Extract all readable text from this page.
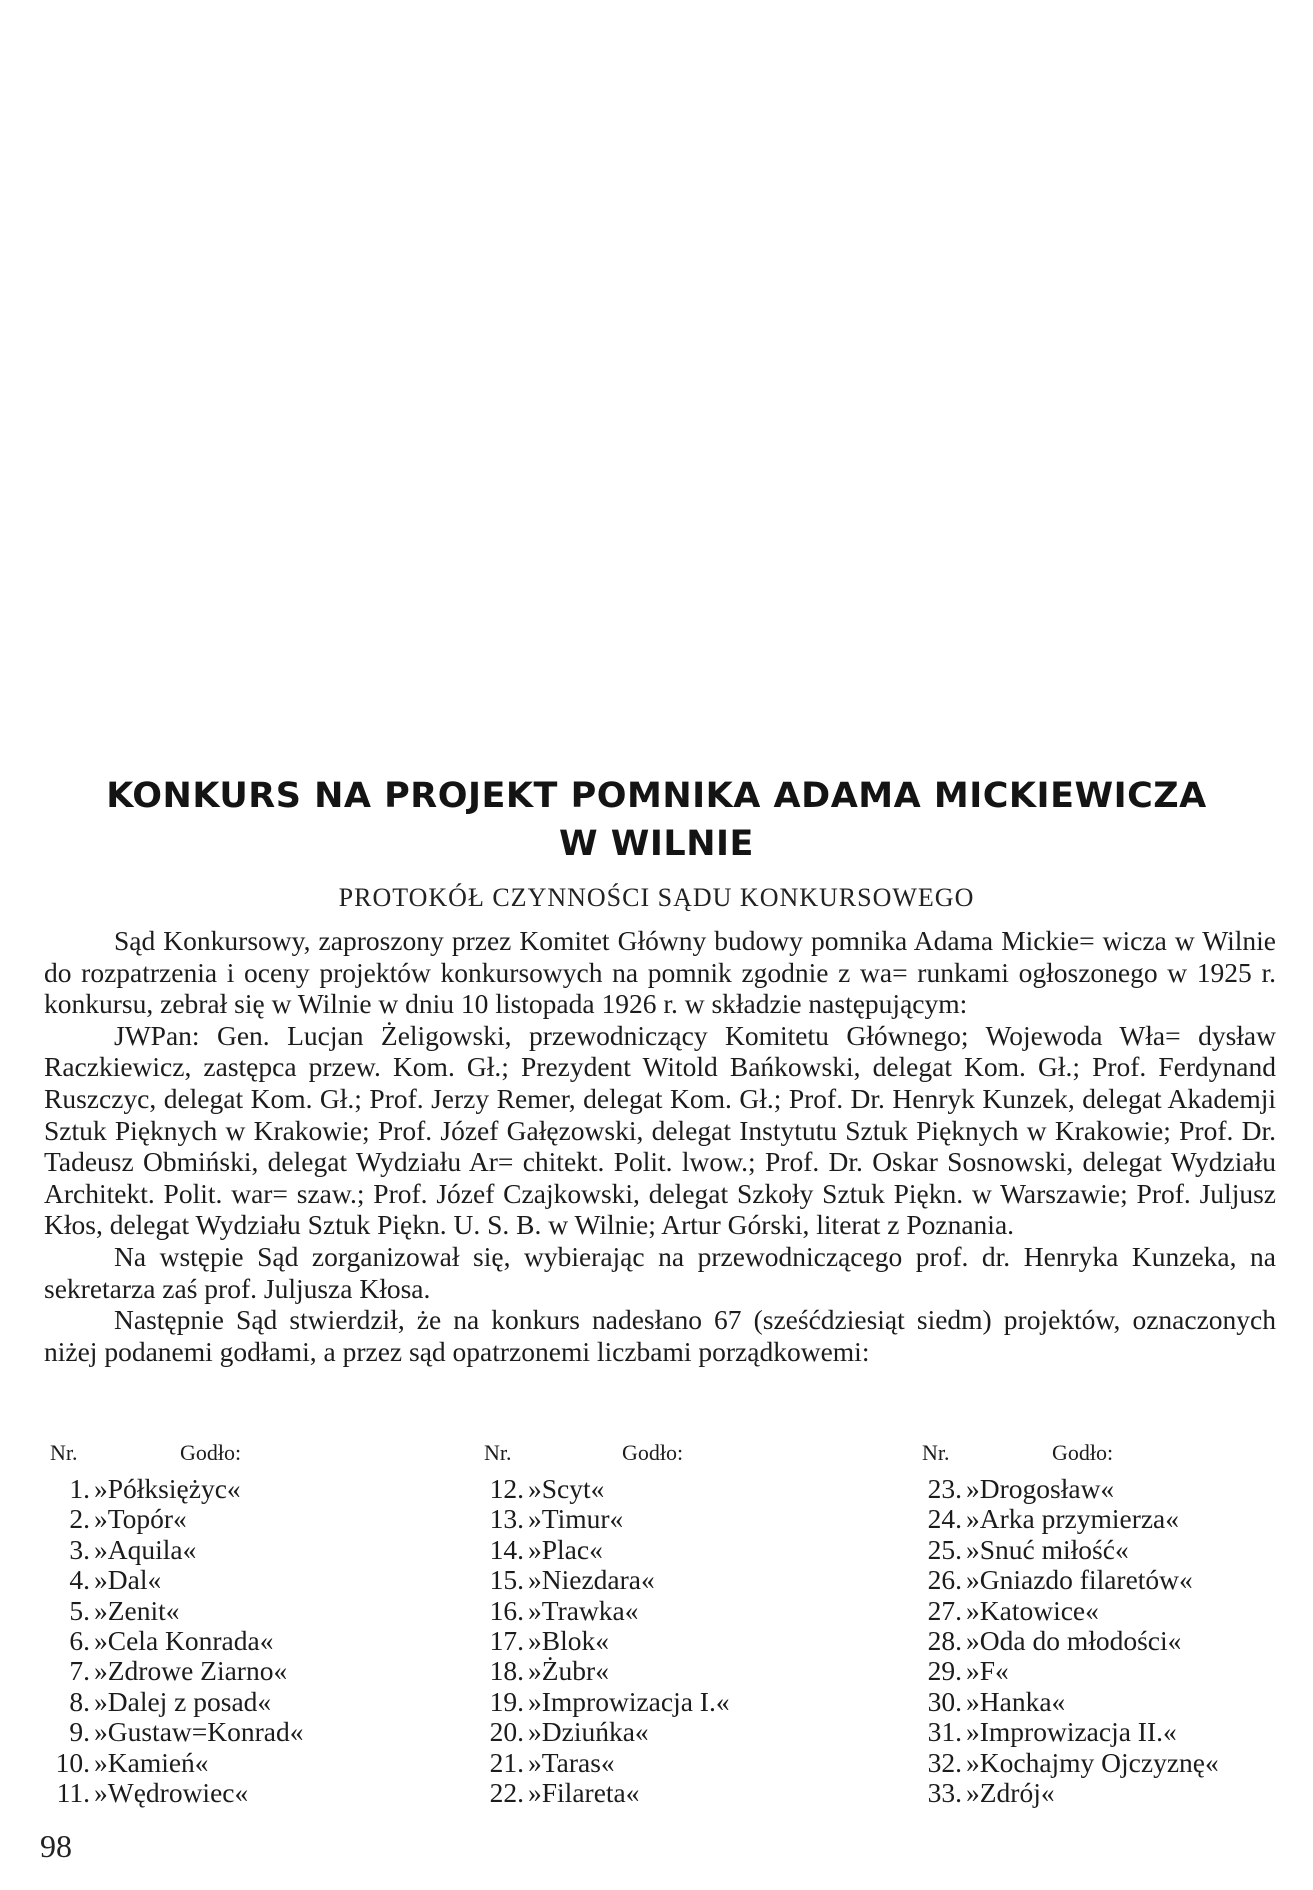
KONKURS NA PROJEKT POMNIKA ADAMA MICKIEWICZA
W WILNIE
PROTOKÓŁ CZYNNOŚCI SĄDU KONKURSOWEGO

Sąd Konkursowy, zaproszony przez Komitet Główny budowy pomnika Adama Mickie= wicza w Wilnie do rozpatrzenia i oceny projektów konkursowych na pomnik zgodnie z wa= runkami ogłoszonego w 1925 r. konkursu, zebrał się w Wilnie w dniu 10 listopada 1926 r. w składzie następującym:

JWPan: Gen. Lucjan Żeligowski, przewodniczący Komitetu Głównego; Wojewoda Wła= dysław Raczkiewicz, zastępca przew. Kom. Gł.; Prezydent Witold Bańkowski, delegat Kom. Gł.; Prof. Ferdynand Ruszczyc, delegat Kom. Gł.; Prof. Jerzy Remer, delegat Kom. Gł.; Prof. Dr. Henryk Kunzek, delegat Akademji Sztuk Pięknych w Krakowie; Prof. Józef Gałęzowski, delegat Instytutu Sztuk Pięknych w Krakowie; Prof. Dr. Tadeusz Obmiński, delegat Wydziału Ar= chitekt. Polit. lwow.; Prof. Dr. Oskar Sosnowski, delegat Wydziału Architekt. Polit. war= szaw.; Prof. Józef Czajkowski, delegat Szkoły Sztuk Piękn. w Warszawie; Prof. Juljusz Kłos, delegat Wydziału Sztuk Piękn. U. S. B. w Wilnie; Artur Górski, literat z Poznania.

Na wstępie Sąd zorganizował się, wybierając na przewodniczącego prof. dr. Henryka Kunzeka, na sekretarza zaś prof. Juljusza Kłosa.

Następnie Sąd stwierdził, że na konkurs nadesłano 67 (sześćdziesiąt siedm) projektów, oznaczonych niżej podanemi godłami, a przez sąd opatrzonemi liczbami porządkowemi:

Nr.	Godło:
1. »Półksiężyc«
2. »Topór«
3. »Aquila«
4. »Dal«
5. »Zenit«
6. »Cela Konrada«
7. »Zdrowe Ziarno«
8. »Dalej z posad«
9. »Gustaw=Konrad«
10. »Kamień«
11. »Wędrowiec«
Nr.	Godło:
12. »Scyt«
13. »Timur«
14. »Plac«
15. »Niezdara«
16. »Trawka«
17. »Blok«
18. »Żubr«
19. »Improwizacja I.«
20. »Dziuńka«
21. »Taras«
22. »Filareta«
Nr.	Godło:
23. »Drogosław«
24. »Arka przymierza«
25. »Snuć miłość«
26. »Gniazdo filaretów«
27. »Katowice«
28. »Oda do młodości«
29. »F«
30. »Hanka«
31. »Improwizacja II.«
32. »Kochajmy Ojczyznę«
33. »Zdrój«
98
